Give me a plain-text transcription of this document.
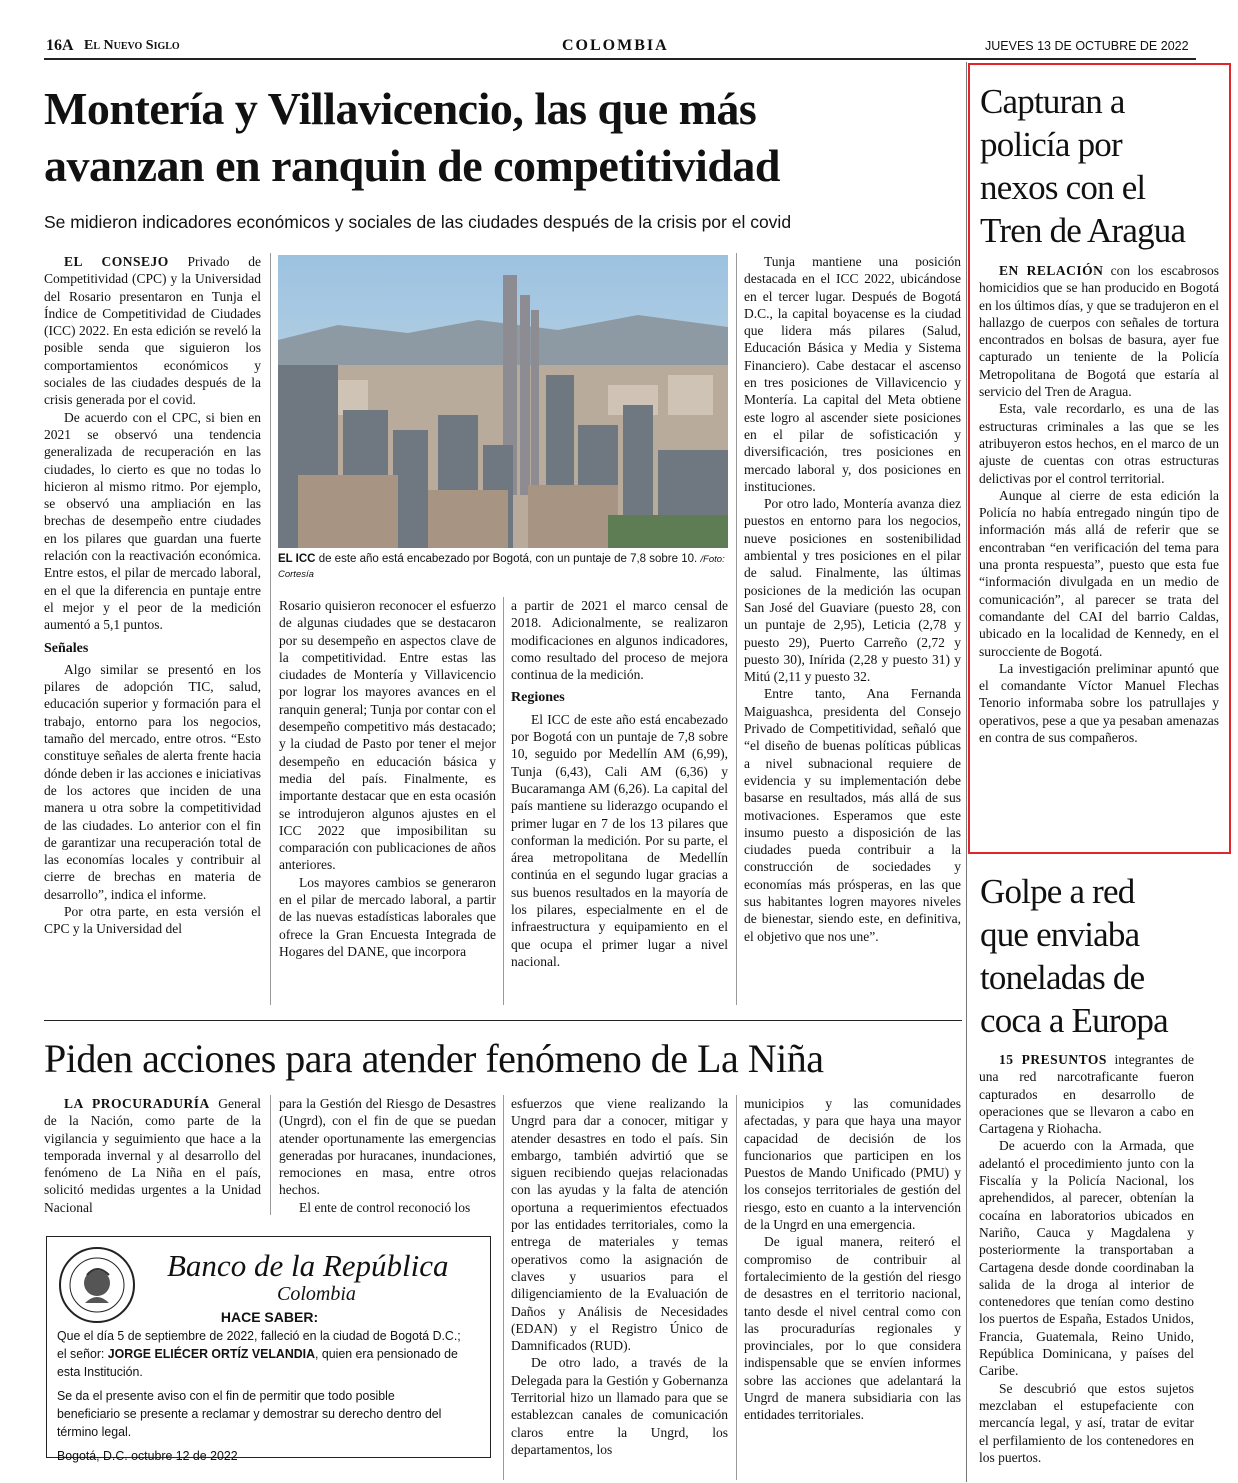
16A El Nuevo Siglo	COLOMBIA	JUEVES 13 DE OCTUBRE DE 2022
Montería y Villavicencio, las que más
avanzan en ranquin de competitividad
Se midieron indicadores económicos y sociales de las ciudades después de la crisis por el covid

EL CONSEJO Privado de Competitividad (CPC) y la Universidad del Rosario presentaron en Tunja el Índice de Competitividad de Ciudades (ICC) 2022. En esta edición se reveló la posible senda que siguieron los comportamientos económicos y sociales de las ciudades después de la crisis generada por el covid.

De acuerdo con el CPC, si bien en 2021 se observó una tendencia generalizada de recuperación en las ciudades, lo cierto es que no todas lo hicieron al mismo ritmo. Por ejemplo, se observó una ampliación en las brechas de desempeño entre ciudades en los pilares que guardan una fuerte relación con la reactivación económica. Entre estos, el pilar de mercado laboral, en el que la diferencia en puntaje entre el mejor y el peor de la medición aumentó a 5,1 puntos.

Señales

Algo similar se presentó en los pilares de adopción TIC, salud, educación superior y formación para el trabajo, entorno para los negocios, tamaño del mercado, entre otros. “Esto constituye señales de alerta frente hacia dónde deben ir las acciones e iniciativas de los actores que inciden de una manera u otra sobre la competitividad de las ciudades. Lo anterior con el fin de garantizar una recuperación total de las economías locales y contribuir al cierre de brechas en materia de desarrollo”, indica el informe.

Por otra parte, en esta versión el CPC y la Universidad del

EL ICC de este año está encabezado por Bogotá, con un puntaje de 7,8 sobre 10. /Foto: Cortesía

Rosario quisieron reconocer el esfuerzo de algunas ciudades que se destacaron por su desempeño en aspectos clave de la competitividad. Entre estas las ciudades de Montería y Villavicencio por lograr los mayores avances en el ranquin general; Tunja por contar con el desempeño competitivo más destacado; y la ciudad de Pasto por tener el mejor desempeño en educación básica y media del país. Finalmente, es importante destacar que en esta ocasión se introdujeron algunos ajustes en el ICC 2022 que imposibilitan su comparación con publicaciones de años anteriores.

Los mayores cambios se generaron en el pilar de mercado laboral, a partir de las nuevas estadísticas laborales que ofrece la Gran Encuesta Integrada de Hogares del DANE, que incorpora

a partir de 2021 el marco censal de 2018. Adicionalmente, se realizaron modificaciones en algunos indicadores, como resultado del proceso de mejora continua de la medición.

Regiones

El ICC de este año está encabezado por Bogotá con un puntaje de 7,8 sobre 10, seguido por Medellín AM (6,99), Tunja (6,43), Cali AM (6,36) y Bucaramanga AM (6,26). La capital del país mantiene su liderazgo ocupando el primer lugar en 7 de los 13 pilares que conforman la medición. Por su parte, el área metropolitana de Medellín continúa en el segundo lugar gracias a sus buenos resultados en la mayoría de los pilares, especialmente en el de infraestructura y equipamiento en el que ocupa el primer lugar a nivel nacional.

Tunja mantiene una posición destacada en el ICC 2022, ubicándose en el tercer lugar. Después de Bogotá D.C., la capital boyacense es la ciudad que lidera más pilares (Salud, Educación Básica y Media y Sistema Financiero). Cabe destacar el ascenso en tres posiciones de Villavicencio y Montería. La capital del Meta obtiene este logro al ascender siete posiciones en el pilar de sofisticación y diversificación, tres posiciones en mercado laboral y, dos posiciones en instituciones.

Por otro lado, Montería avanza diez puestos en entorno para los negocios, nueve posiciones en sostenibilidad ambiental y tres posiciones en el pilar de salud. Finalmente, las últimas posiciones de la medición las ocupan San José del Guaviare (puesto 28, con un puntaje de 2,95), Leticia (2,78 y puesto 29), Puerto Carreño (2,72 y puesto 30), Inírida (2,28 y puesto 31) y Mitú (2,11 y puesto 32.

Entre tanto, Ana Fernanda Maiguashca, presidenta del Consejo Privado de Competitividad, señaló que “el diseño de buenas políticas públicas a nivel subnacional requiere de evidencia y su implementación debe basarse en resultados, más allá de sus motivaciones. Esperamos que este insumo puesto a disposición de las ciudades pueda contribuir a la construcción de sociedades y economías más prósperas, en las que sus habitantes logren mayores niveles de bienestar, siendo este, en definitiva, el objetivo que nos une”.

Capturan a
policía por
nexos con el
Tren de Aragua

EN RELACIÓN con los escabrosos homicidios que se han producido en Bogotá en los últimos días, y que se tradujeron en el hallazgo de cuerpos con señales de tortura encontrados en bolsas de basura, ayer fue capturado un teniente de la Policía Metropolitana de Bogotá que estaría al servicio del Tren de Aragua.

Esta, vale recordarlo, es una de las estructuras criminales a las que se les atribuyeron estos hechos, en el marco de un ajuste de cuentas con otras estructuras delictivas por el control territorial.

Aunque al cierre de esta edición la Policía no había entregado ningún tipo de información más allá de referir que se encontraban “en verificación del tema para una pronta respuesta”, puesto que esta fue “información divulgada en un medio de comunicación”, al parecer se trata del comandante del CAI del barrio Caldas, ubicado en la localidad de Kennedy, en el surocciente de Bogotá.

La investigación preliminar apuntó que el comandante Víctor Manuel Flechas Tenorio informaba sobre los patrullajes y operativos, pese a que ya pesaban amenazas en contra de sus compañeros.

Golpe a red
que enviaba
toneladas de
coca a Europa

15 PRESUNTOS integrantes de una red narcotraficante fueron capturados en desarrollo de operaciones que se llevaron a cabo en Cartagena y Riohacha.

De acuerdo con la Armada, que adelantó el procedimiento junto con la Fiscalía y la Policía Nacional, los aprehendidos, al parecer, obtenían la cocaína en laboratorios ubicados en Nariño, Cauca y Magdalena y posteriormente la transportaban a Cartagena desde donde coordinaban la salida de la droga al interior de contenedores que tenían como destino los puertos de España, Estados Unidos, Francia, Guatemala, Reino Unido, República Dominicana, y países del Caribe.

Se descubrió que estos sujetos mezclaban el estupefaciente con mercancía legal, y así, tratar de evitar el perfilamiento de los contenedores en los puertos.

Piden acciones para atender fenómeno de La Niña

LA PROCURADURÍA General de la Nación, como parte de la vigilancia y seguimiento que hace a la temporada invernal y al desarrollo del fenómeno de La Niña en el país, solicitó medidas urgentes a la Unidad Nacional

para la Gestión del Riesgo de Desastres (Ungrd), con el fin de que se puedan atender oportunamente las emergencias generadas por huracanes, inundaciones, remociones en masa, entre otros hechos.

El ente de control reconoció los

esfuerzos que viene realizando la Ungrd para dar a conocer, mitigar y atender desastres en todo el país. Sin embargo, también advirtió que se siguen recibiendo quejas relacionadas con las ayudas y la falta de atención oportuna a requerimientos efectuados por las entidades territoriales, como la entrega de materiales y temas operativos como la asignación de claves y usuarios para el diligenciamiento de la Evaluación de Daños y Análisis de Necesidades (EDAN) y el Registro Único de Damnificados (RUD).

De otro lado, a través de la Delegada para la Gestión y Gobernanza Territorial hizo un llamado para que se establezcan canales de comunicación claros entre la Ungrd, los departamentos, los

municipios y las comunidades afectadas, y para que haya una mayor capacidad de decisión de los funcionarios que participen en los Puestos de Mando Unificado (PMU) y los consejos territoriales de gestión del riesgo, esto en cuanto a la intervención de la Ungrd en una emergencia.

De igual manera, reiteró el compromiso de contribuir al fortalecimiento de la gestión del riesgo de desastres en el territorio nacional, tanto desde el nivel central como con las procuradurías regionales y provinciales, por lo que considera indispensable que se envíen informes sobre las acciones que adelantará la Ungrd de manera subsidiaria con las entidades territoriales.

Banco de la República
Colombia
HACE SABER:
Que el día 5 de septiembre de 2022, falleció en la ciudad de Bogotá D.C.; el señor: JORGE ELIÉCER ORTÍZ VELANDIA, quien era pensionado de esta Institución.
Se da el presente aviso con el fin de permitir que todo posible beneficiario se presente a reclamar y demostrar su derecho dentro del término legal.
Bogotá, D.C. octubre 12 de 2022
